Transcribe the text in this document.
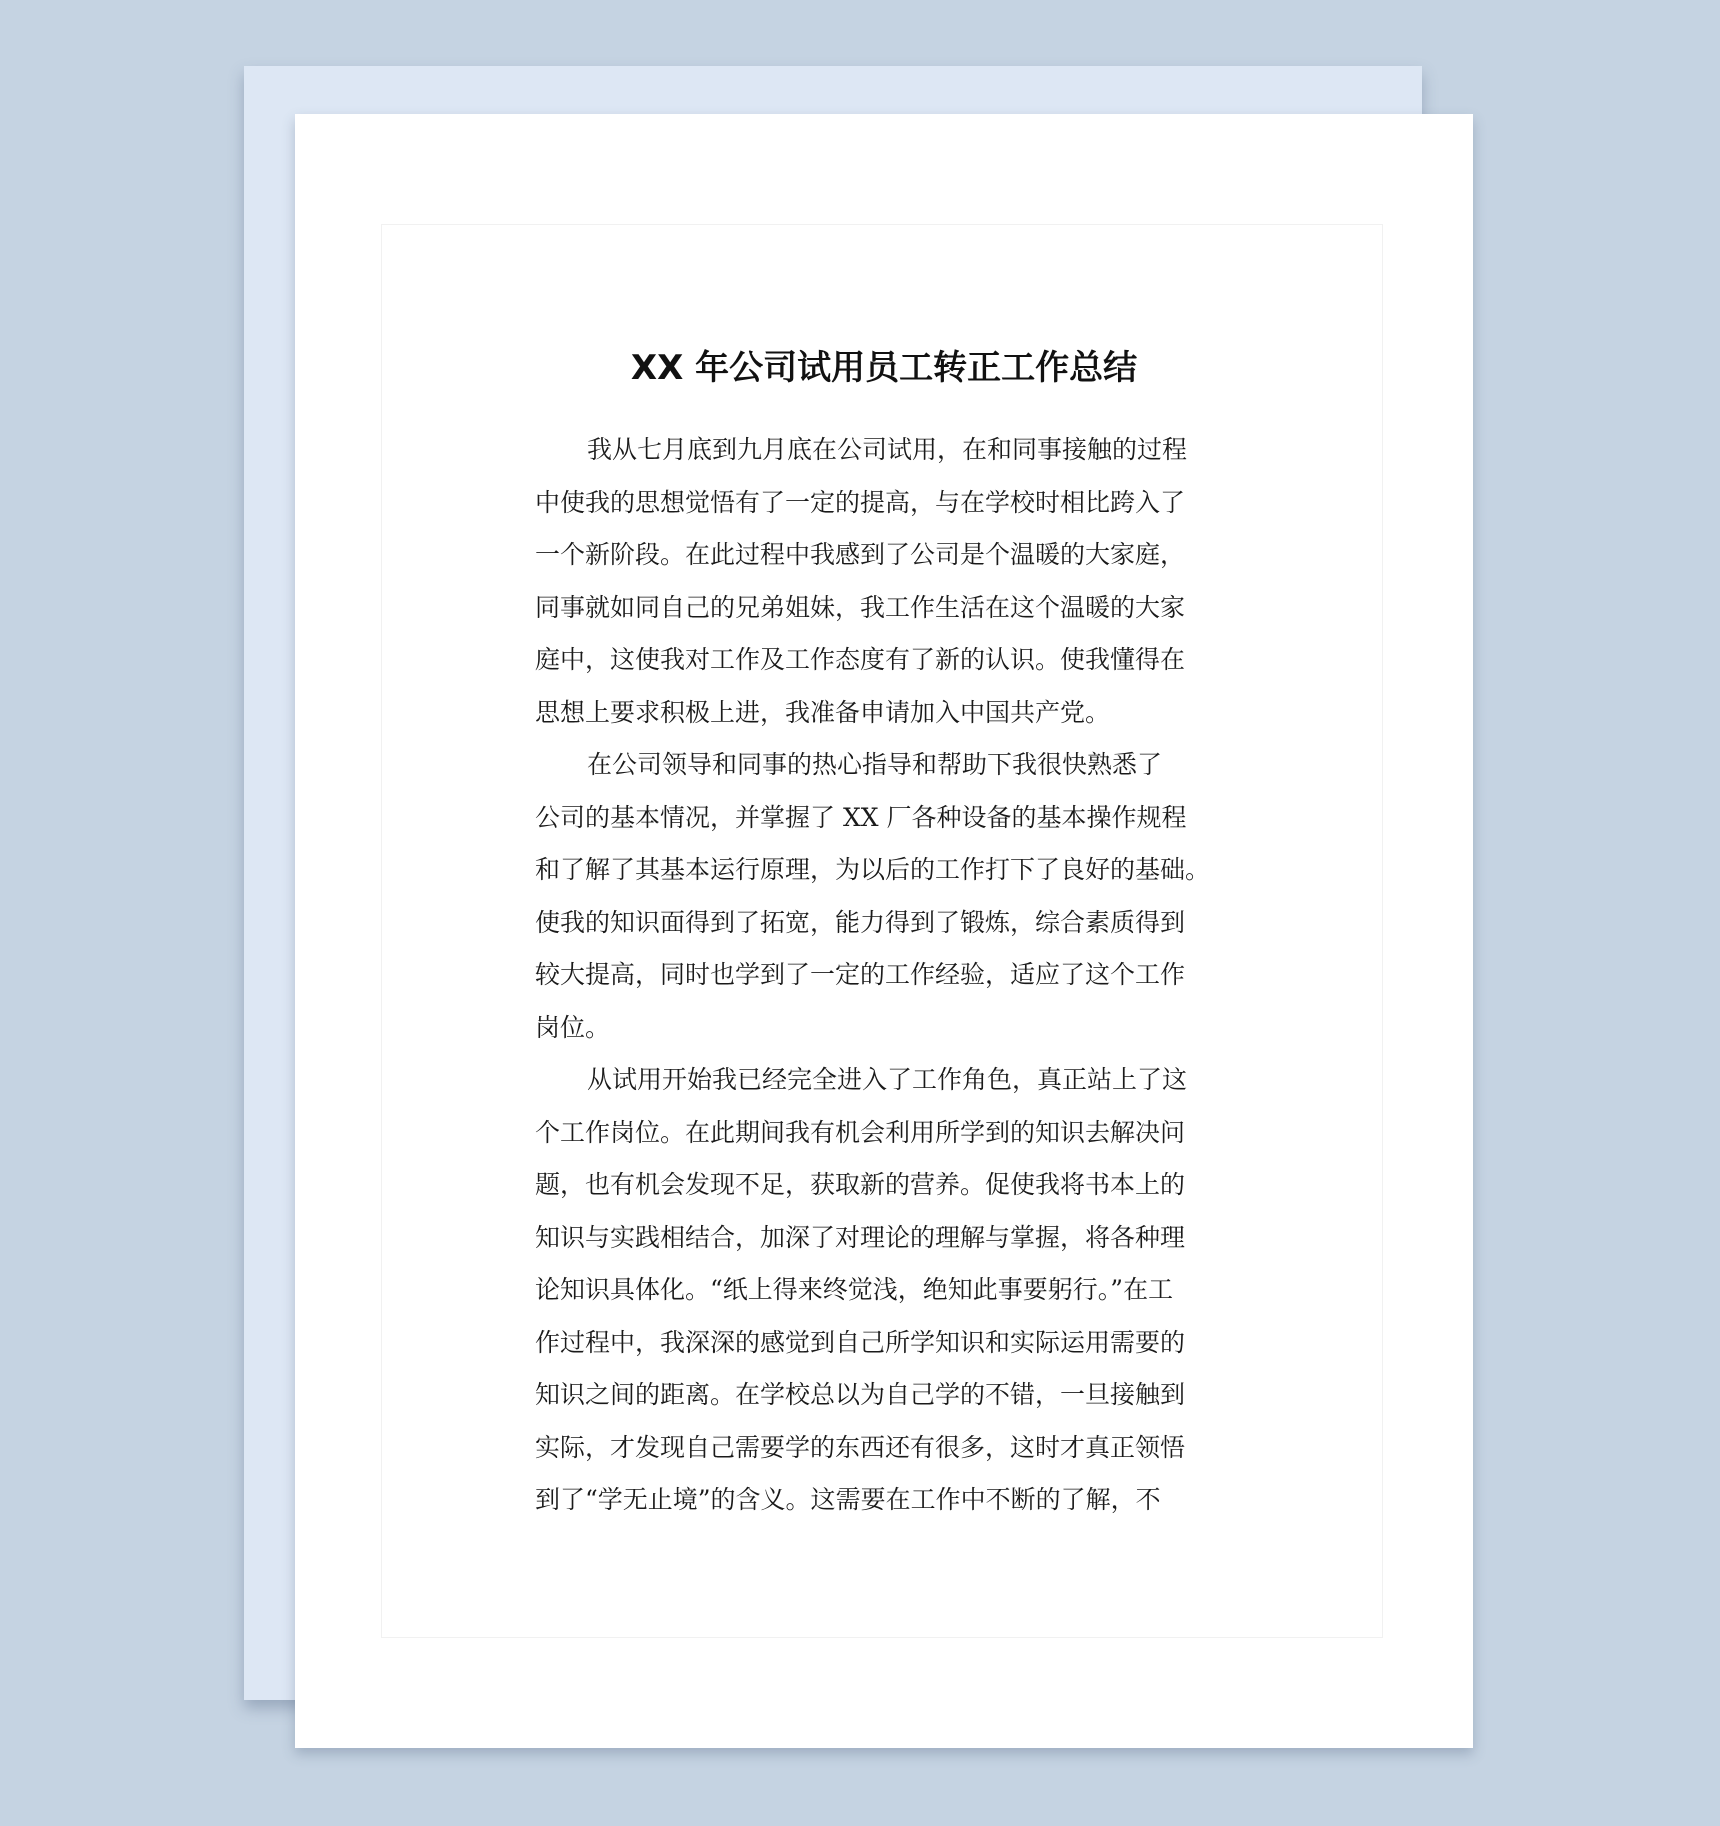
XX 年公司试用员工转正工作总结
我从七月底到九月底在公司试用，在和同事接触的过程
中使我的思想觉悟有了一定的提高，与在学校时相比跨入了
一个新阶段。在此过程中我感到了公司是个温暖的大家庭，
同事就如同自己的兄弟姐妹，我工作生活在这个温暖的大家
庭中，这使我对工作及工作态度有了新的认识。使我懂得在
思想上要求积极上进，我准备申请加入中国共产党。
在公司领导和同事的热心指导和帮助下我很快熟悉了
公司的基本情况，并掌握了 XX 厂各种设备的基本操作规程
和了解了其基本运行原理，为以后的工作打下了良好的基础。
使我的知识面得到了拓宽，能力得到了锻炼，综合素质得到
较大提高，同时也学到了一定的工作经验，适应了这个工作
岗位。
从试用开始我已经完全进入了工作角色，真正站上了这
个工作岗位。在此期间我有机会利用所学到的知识去解决问
题，也有机会发现不足，获取新的营养。促使我将书本上的
知识与实践相结合，加深了对理论的理解与掌握，将各种理
论知识具体化。“纸上得来终觉浅，绝知此事要躬行。”在工
作过程中，我深深的感觉到自己所学知识和实际运用需要的
知识之间的距离。在学校总以为自己学的不错，一旦接触到
实际，才发现自己需要学的东西还有很多，这时才真正领悟
到了“学无止境”的含义。这需要在工作中不断的了解，不
